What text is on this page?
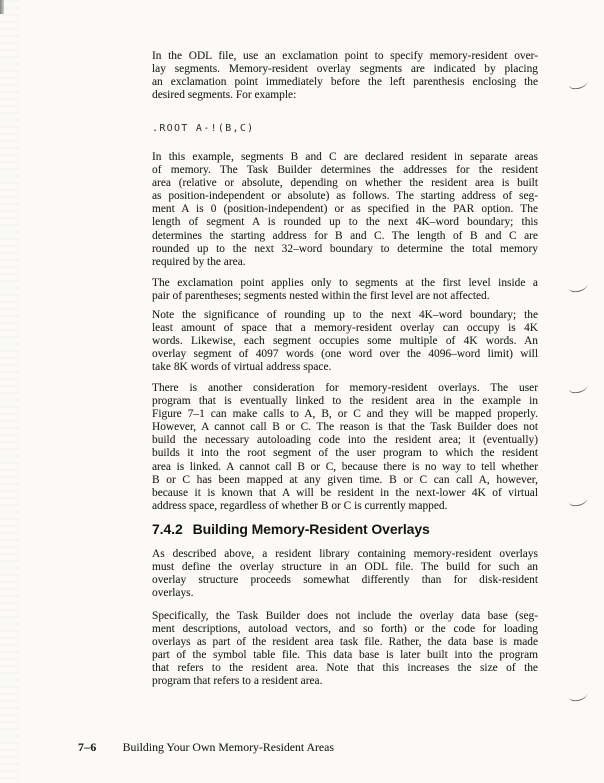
In the ODL file, use an exclamation point to specify memory-resident over-
lay segments. Memory-resident overlay segments are indicated by placing
an exclamation point immediately before the left parenthesis enclosing the
desired segments. For example:
.ROOT A-!(B,C)
In this example, segments B and C are declared resident in separate areas
of memory. The Task Builder determines the addresses for the resident
area (relative or absolute, depending on whether the resident area is built
as position-independent or absolute) as follows. The starting address of seg-
ment A is 0 (position-independent) or as specified in the PAR option. The
length of segment A is rounded up to the next 4K–word boundary; this
determines the starting address for B and C. The length of B and C are
rounded up to the next 32–word boundary to determine the total memory
required by the area.
The exclamation point applies only to segments at the first level inside a
pair of parentheses; segments nested within the first level are not affected.
Note the significance of rounding up to the next 4K–word boundary; the
least amount of space that a memory-resident overlay can occupy is 4K
words. Likewise, each segment occupies some multiple of 4K words. An
overlay segment of 4097 words (one word over the 4096–word limit) will
take 8K words of virtual address space.
There is another consideration for memory-resident overlays. The user
program that is eventually linked to the resident area in the example in
Figure 7–1 can make calls to A, B, or C and they will be mapped properly.
However, A cannot call B or C. The reason is that the Task Builder does not
build the necessary autoloading code into the resident area; it (eventually)
builds it into the root segment of the user program to which the resident
area is linked. A cannot call B or C, because there is no way to tell whether
B or C has been mapped at any given time. B or C can call A, however,
because it is known that A will be resident in the next-lower 4K of virtual
address space, regardless of whether B or C is currently mapped.
7.4.2 Building Memory-Resident Overlays
As described above, a resident library containing memory-resident overlays
must define the overlay structure in an ODL file. The build for such an
overlay structure proceeds somewhat differently than for disk-resident
overlays.
Specifically, the Task Builder does not include the overlay data base (seg-
ment descriptions, autoload vectors, and so forth) or the code for loading
overlays as part of the resident area task file. Rather, the data base is made
part of the symbol table file. This data base is later built into the program
that refers to the resident area. Note that this increases the size of the
program that refers to a resident area.
7–6 Building Your Own Memory-Resident Areas
